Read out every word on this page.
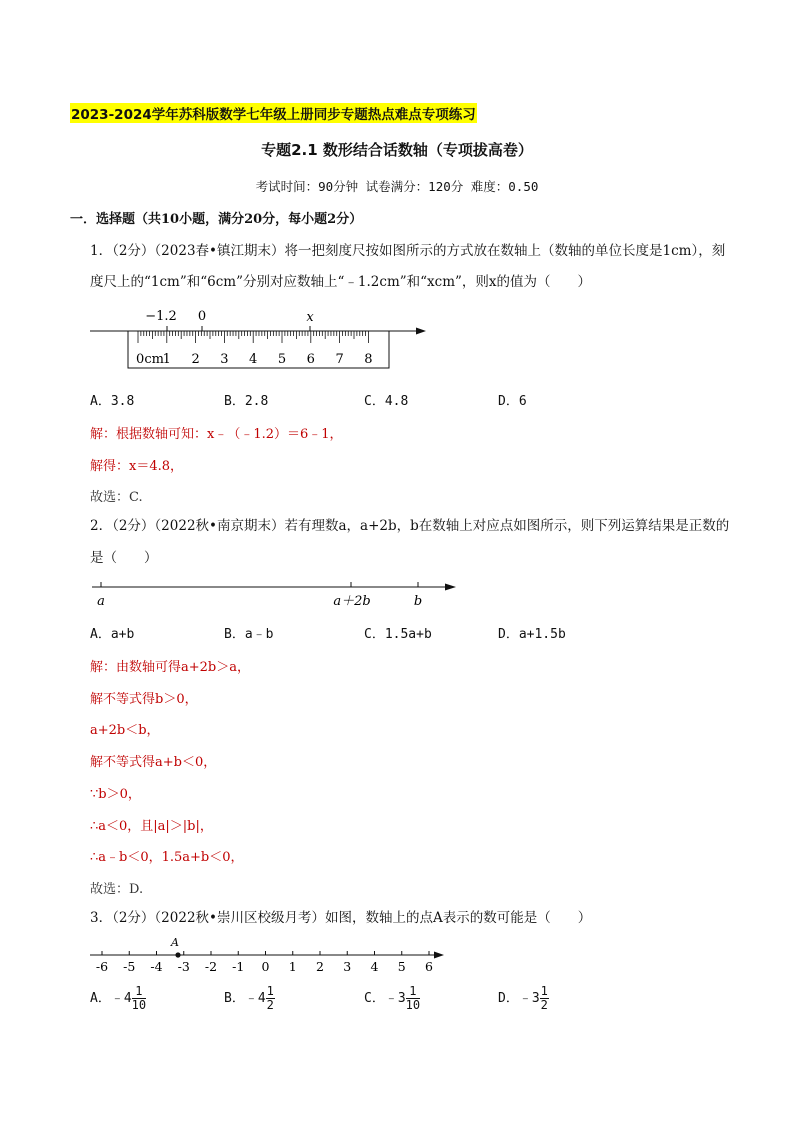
2023-2024学年苏科版数学七年级上册同步专题热点难点专项练习
专题2.1 数形结合话数轴（专项拔高卷）
考试时间：90分钟 试卷满分：120分 难度：0.50
一．选择题（共10小题，满分20分，每小题2分）
1．（2分）（2023春•镇江期末）将一把刻度尺按如图所示的方式放在数轴上（数轴的单位长度是1cm），刻
度尺上的“1cm”和“6cm”分别对应数轴上“﹣1.2cm”和“xcm”，则x的值为（　　）
0cm
1 2 3 4 5 6 7 8
−1.2 0	x
A．3.8	B．2.8	C．4.8	D．6
解：根据数轴可知：x﹣（﹣1.2）＝6﹣1，
解得：x＝4.8，
故选：C.
2．（2分）（2022秋•南京期末）若有理数a，a+2b，b在数轴上对应点如图所示，则下列运算结果是正数的
是（　　）
a	a＋2b	b
A．a+b	B．a﹣b	C．1.5a+b	D．a+1.5b
解：由数轴可得a+2b＞a，
解不等式得b＞0，
a+2b＜b，
解不等式得a+b＜0，
∵b＞0，
∴a＜0，且|a|＞|b|，
∴a﹣b＜0，1.5a+b＜0，
故选：D.
3．（2分）（2022秋•崇川区校级月考）如图，数轴上的点A表示的数可能是（　　）
-6 -5 -4 -3 -2 -1 0 1 2 3 4 5 6
A
A．﹣4 $\frac{1}{10}$	B．﹣4 $\frac{1}{2}$	C．﹣3 $\frac{1}{10}$	D．﹣3 $\frac{1}{2}$
